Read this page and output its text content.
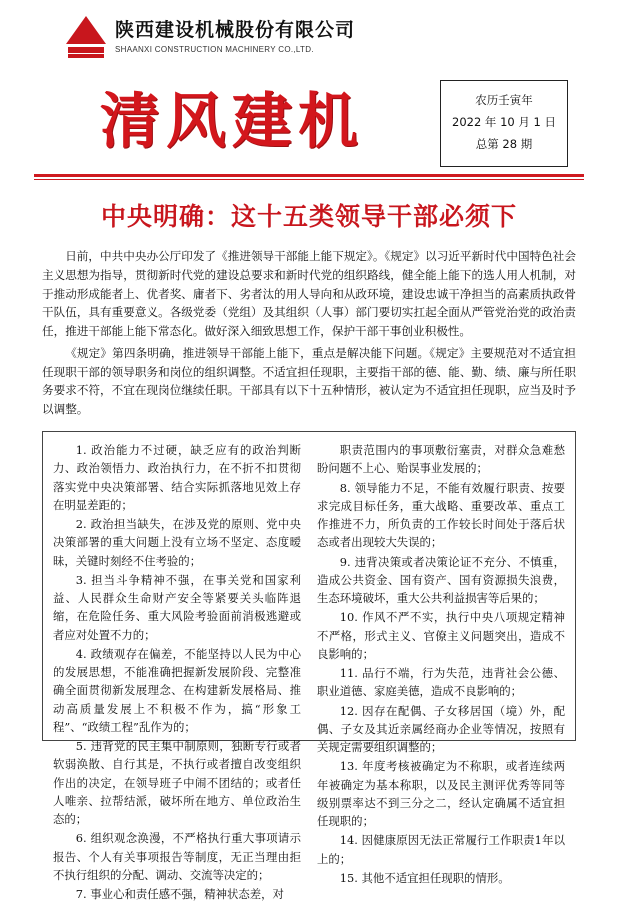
陕西建设机械股份有限公司
SHAANXI CONSTRUCTION MACHINERY CO.,LTD.
清风建机	农历壬寅年
2022 年 10 月 1 日
总第 28 期
中央明确：这十五类领导干部必须下

日前，中共中央办公厅印发了《推进领导干部能上能下规定》。《规定》以习近平新时代中国特色社会主义思想为指导，贯彻新时代党的建设总要求和新时代党的组织路线，健全能上能下的选人用人机制，对于推动形成能者上、优者奖、庸者下、劣者汰的用人导向和从政环境，建设忠诚干净担当的高素质执政骨干队伍，具有重要意义。各级党委（党组）及其组织（人事）部门要切实扛起全面从严管党治党的政治责任，推进干部能上能下常态化。做好深入细致思想工作，保护干部干事创业积极性。

《规定》第四条明确，推进领导干部能上能下，重点是解决能下问题。《规定》主要规范对不适宜担任现职干部的领导职务和岗位的组织调整。不适宜担任现职，主要指干部的德、能、勤、绩、廉与所任职务要求不符，不宜在现岗位继续任职。干部具有以下十五种情形，被认定为不适宜担任现职，应当及时予以调整。

1. 政治能力不过硬，缺乏应有的政治判断力、政治领悟力、政治执行力，在不折不扣贯彻落实党中央决策部署、结合实际抓落地见效上存在明显差距的；

2. 政治担当缺失，在涉及党的原则、党中央决策部署的重大问题上没有立场不坚定、态度暧昧，关键时刻经不住考验的；

3. 担当斗争精神不强，在事关党和国家利益、人民群众生命财产安全等紧要关头临阵退缩，在危险任务、重大风险考验面前消极逃避或者应对处置不力的；

4. 政绩观存在偏差，不能坚持以人民为中心的发展思想，不能准确把握新发展阶段、完整准确全面贯彻新发展理念、在构建新发展格局、推动高质量发展上不积极不作为，搞“形象工程”、“政绩工程”乱作为的；

5. 违背党的民主集中制原则，独断专行或者软弱涣散、自行其是，不执行或者擅自改变组织作出的决定，在领导班子中闹不团结的；或者任人唯亲、拉帮结派，破坏所在地方、单位政治生态的；

6. 组织观念涣漫，不严格执行重大事项请示报告、个人有关事项报告等制度，无正当理由拒不执行组织的分配、调动、交流等决定的；

7. 事业心和责任感不强，精神状态差，对

职责范围内的事项敷衍塞责，对群众急难愁盼问题不上心、贻误事业发展的；

8. 领导能力不足，不能有效履行职责、按要求完成目标任务，重大战略、重要改革、重点工作推进不力，所负责的工作较长时间处于落后状态或者出现较大失误的；

9. 违背决策或者决策论证不充分、不慎重，造成公共资金、国有资产、国有资源损失浪费，生态环境破坏，重大公共利益损害等后果的；

10. 作风不严不实，执行中央八项规定精神不严格，形式主义、官僚主义问题突出，造成不良影响的；

11. 品行不端，行为失范，违背社会公德、职业道德、家庭美德，造成不良影响的；

12. 因存在配偶、子女移居国（境）外，配偶、子女及其近亲属经商办企业等情况，按照有关规定需要组织调整的；

13. 年度考核被确定为不称职，或者连续两年被确定为基本称职，以及民主测评优秀等同等级别票率达不到三分之二，经认定确属不适宜担任现职的；

14. 因健康原因无法正常履行工作职责1年以上的；

15. 其他不适宜担任现职的情形。
